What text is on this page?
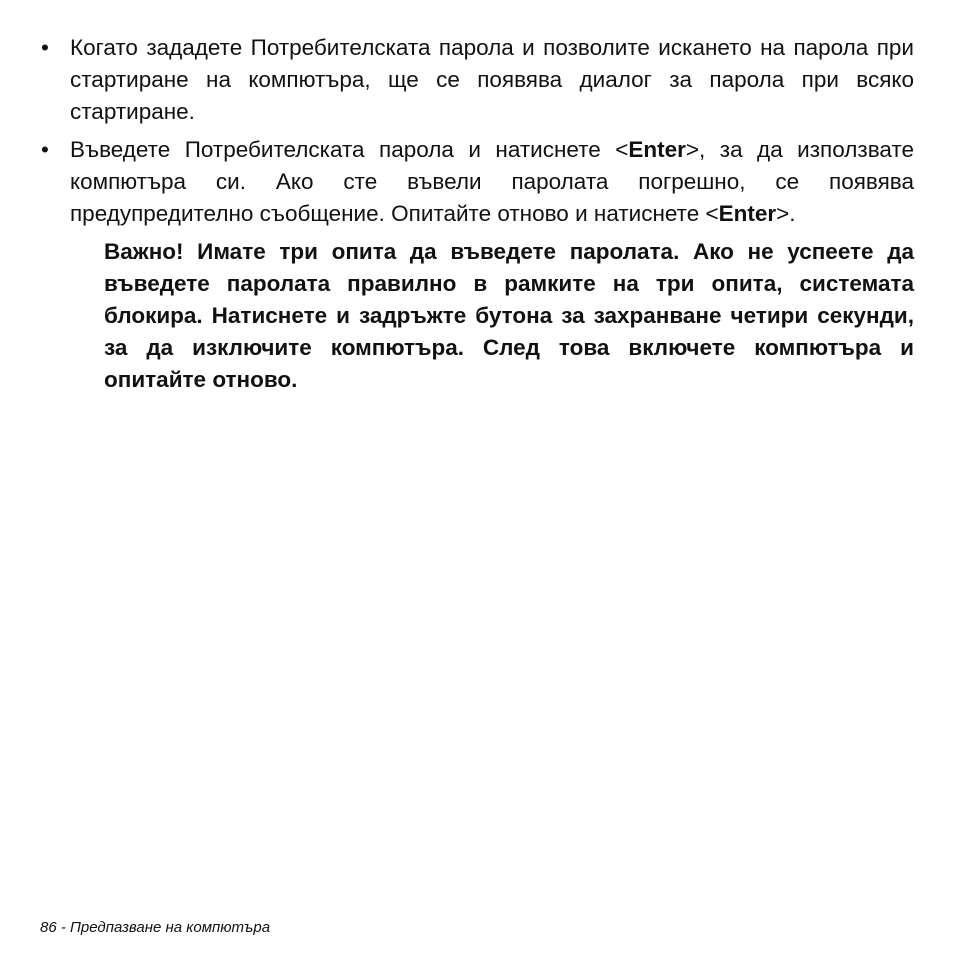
• Когато зададете Потребителската парола и позволите искането на парола при стартиране на компютъра, ще се появява диалог за парола при всяко стартиране.
• Въведете Потребителската парола и натиснете <Enter>, за да използвате компютъра си. Ако сте въвели паролата погрешно, се появява предупредително съобщение. Опитайте отново и натиснете <Enter>.
Важно! Имате три опита да въведете паролата. Ако не успеете да въведете паролата правилно в рамките на три опита, системата блокира. Натиснете и задръжте бутона за захранване четири секунди, за да изключите компютъра. След това включете компютъра и опитайте отново.
86 - Предпазване на компютъра
